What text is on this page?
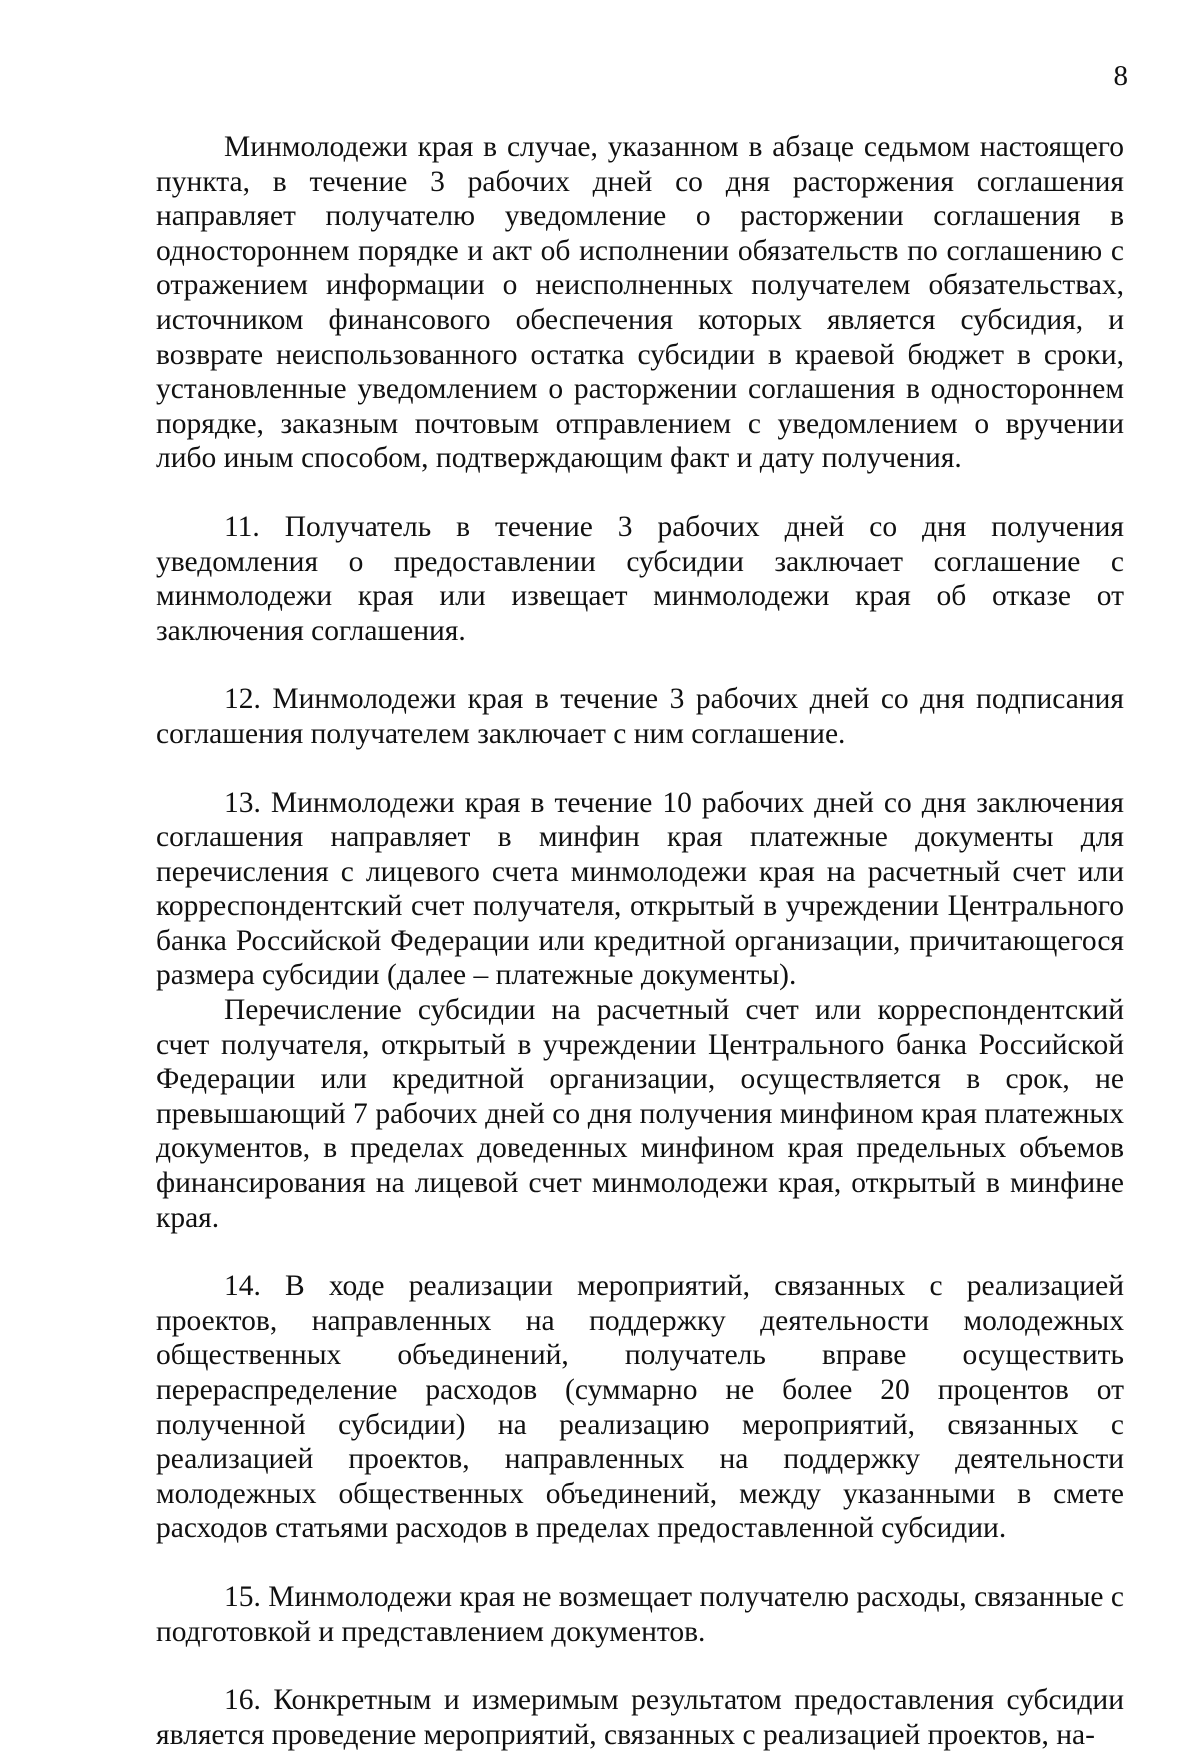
8

Минмолодежи края в случае, указанном в абзаце седьмом настоящего пункта, в течение 3 рабочих дней со дня расторжения соглашения направляет получателю уведомление о расторжении соглашения в одностороннем порядке и акт об исполнении обязательств по соглашению с отражением информации о неисполненных получателем обязательствах, источником финансового обеспечения которых является субсидия, и возврате неиспользованного остатка субсидии в краевой бюджет в сроки, установленные уведомлением о расторжении соглашения в одностороннем порядке, заказным почтовым отправлением с уведомлением о вручении либо иным способом, подтверждающим факт и дату получения.

11. Получатель в течение 3 рабочих дней со дня получения уведомления о предоставлении субсидии заключает соглашение с минмолодежи края или извещает минмолодежи края об отказе от заключения соглашения.

12. Минмолодежи края в течение 3 рабочих дней со дня подписания соглашения получателем заключает с ним соглашение.

13. Минмолодежи края в течение 10 рабочих дней со дня заключения соглашения направляет в минфин края платежные документы для перечисления с лицевого счета минмолодежи края на расчетный счет или корреспондентский счет получателя, открытый в учреждении Центрального банка Российской Федерации или кредитной организации, причитающегося размера субсидии (далее – платежные документы).

Перечисление субсидии на расчетный счет или корреспондентский счет получателя, открытый в учреждении Центрального банка Российской Федерации или кредитной организации, осуществляется в срок, не превышающий 7 рабочих дней со дня получения минфином края платежных документов, в пределах доведенных минфином края предельных объемов финансирования на лицевой счет минмолодежи края, открытый в минфине края.

14. В ходе реализации мероприятий, связанных с реализацией проектов, направленных на поддержку деятельности молодежных общественных объединений, получатель вправе осуществить перераспределение расходов (суммарно не более 20 процентов от полученной субсидии) на реализацию мероприятий, связанных с реализацией проектов, направленных на поддержку деятельности молодежных общественных объединений, между указанными в смете расходов статьями расходов в пределах предоставленной субсидии.

15. Минмолодежи края не возмещает получателю расходы, связанные с подготовкой и представлением документов.

16. Конкретным и измеримым результатом предоставления субсидии является проведение мероприятий, связанных с реализацией проектов, на-
